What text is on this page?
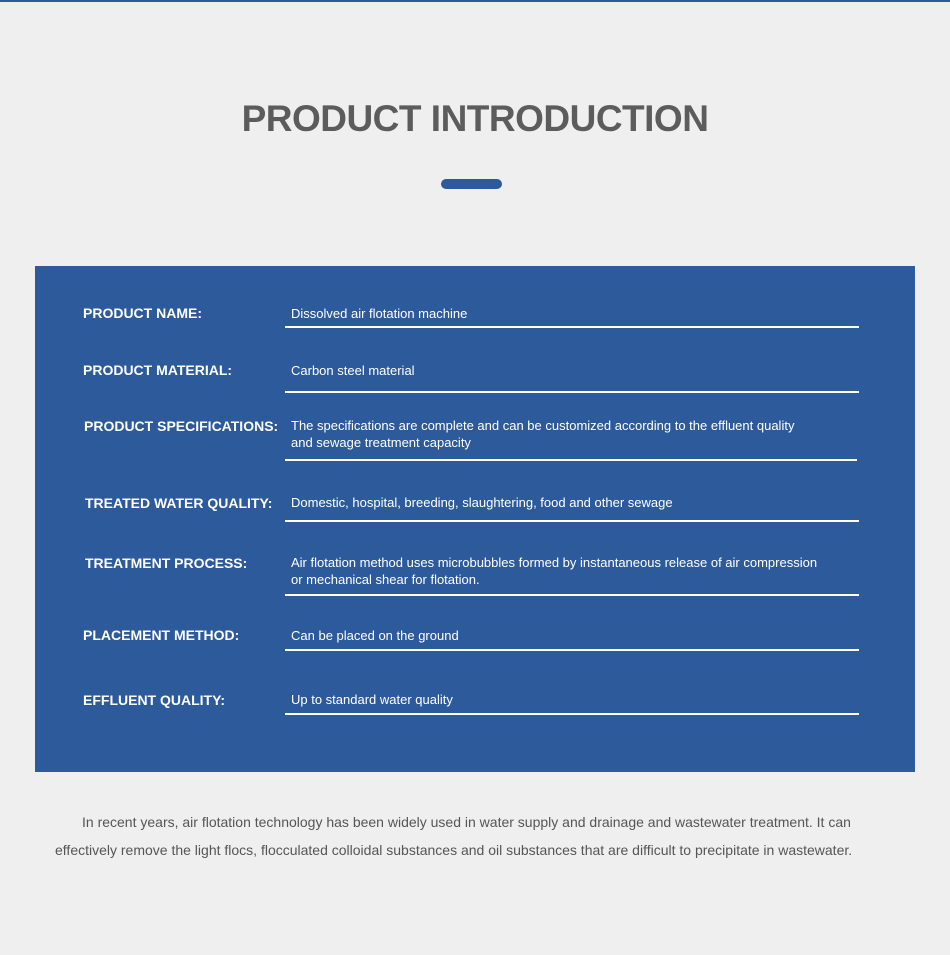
PRODUCT INTRODUCTION
PRODUCT NAME:	Dissolved air flotation machine
PRODUCT MATERIAL:	Carbon steel material
PRODUCT SPECIFICATIONS: The specifications are complete and can be customized according to the effluent quality
and sewage treatment capacity
TREATED WATER QUALITY: Domestic, hospital, breeding, slaughtering, food and other sewage
TREATMENT PROCESS:	Air flotation method uses microbubbles formed by instantaneous release of air compression
or mechanical shear for flotation.
PLACEMENT METHOD:	Can be placed on the ground
EFFLUENT QUALITY:	Up to standard water quality
In recent years, air flotation technology has been widely used in water supply and drainage and wastewater treatment. It can
effectively remove the light flocs, flocculated colloidal substances and oil substances that are difficult to precipitate in wastewater.
